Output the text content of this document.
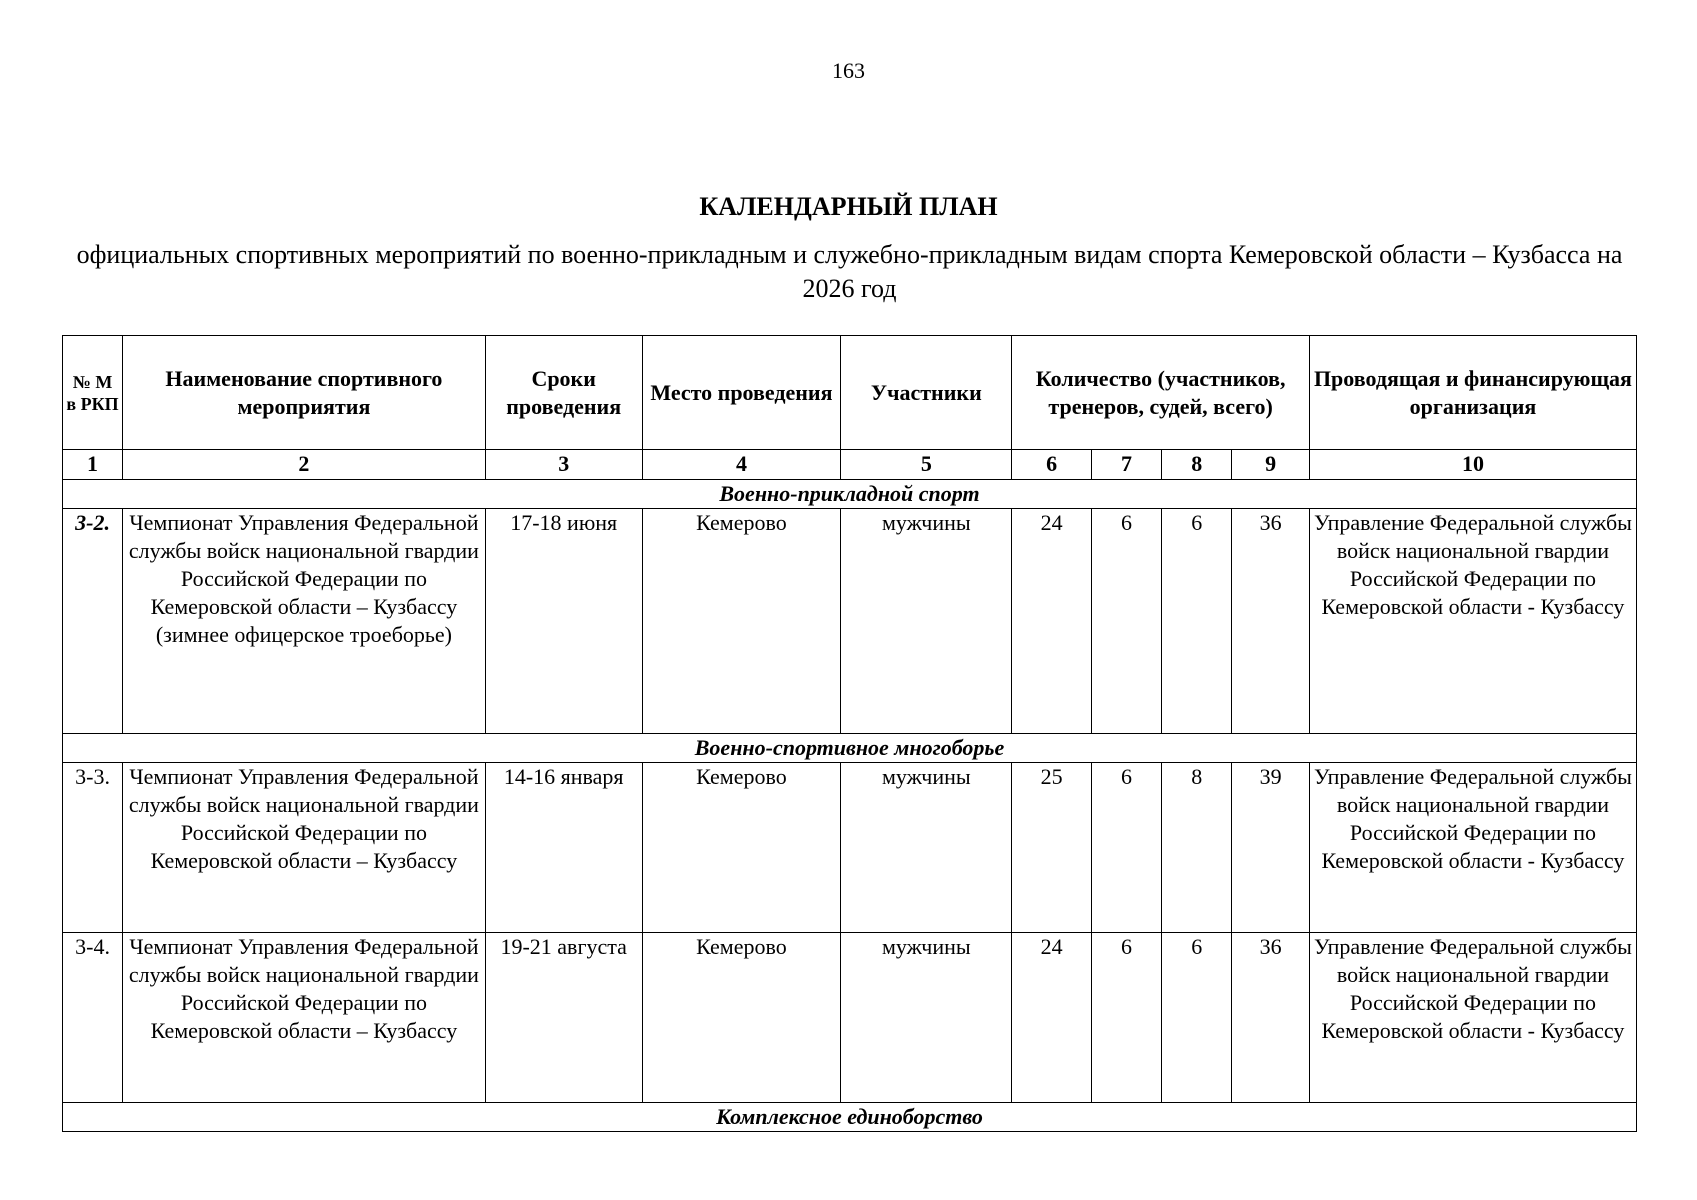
163
КАЛЕНДАРНЫЙ ПЛАН
официальных спортивных мероприятий по военно-прикладным и служебно-прикладным видам спорта Кемеровской области – Кузбасса на 2026 год
№ М в РКП	Наименование спортивного мероприятия	Сроки проведения	Место проведения	Участники	Количество (участников, тренеров, судей, всего)				Проводящая и финансирующая организация
1	2	3	4	5	6	7	8	9	10
Военно-прикладной спорт									
3-2.	Чемпионат Управления Федеральной службы войск национальной гвардии Российской Федерации по Кемеровской области – Кузбассу (зимнее офицерское троеборье)	17-18 июня	Кемерово	мужчины	24	6	6	36	Управление Федеральной службы войск национальной гвардии Российской Федерации по Кемеровской области - Кузбассу
Военно-спортивное многоборье									
3-3.	Чемпионат Управления Федеральной службы войск национальной гвардии Российской Федерации по Кемеровской области – Кузбассу	14-16 января	Кемерово	мужчины	25	6	8	39	Управление Федеральной службы войск национальной гвардии Российской Федерации по Кемеровской области - Кузбассу
3-4.	Чемпионат Управления Федеральной службы войск национальной гвардии Российской Федерации по Кемеровской области – Кузбассу	19-21 августа	Кемерово	мужчины	24	6	6	36	Управление Федеральной службы войск национальной гвардии Российской Федерации по Кемеровской области - Кузбассу
Комплексное единоборство									
